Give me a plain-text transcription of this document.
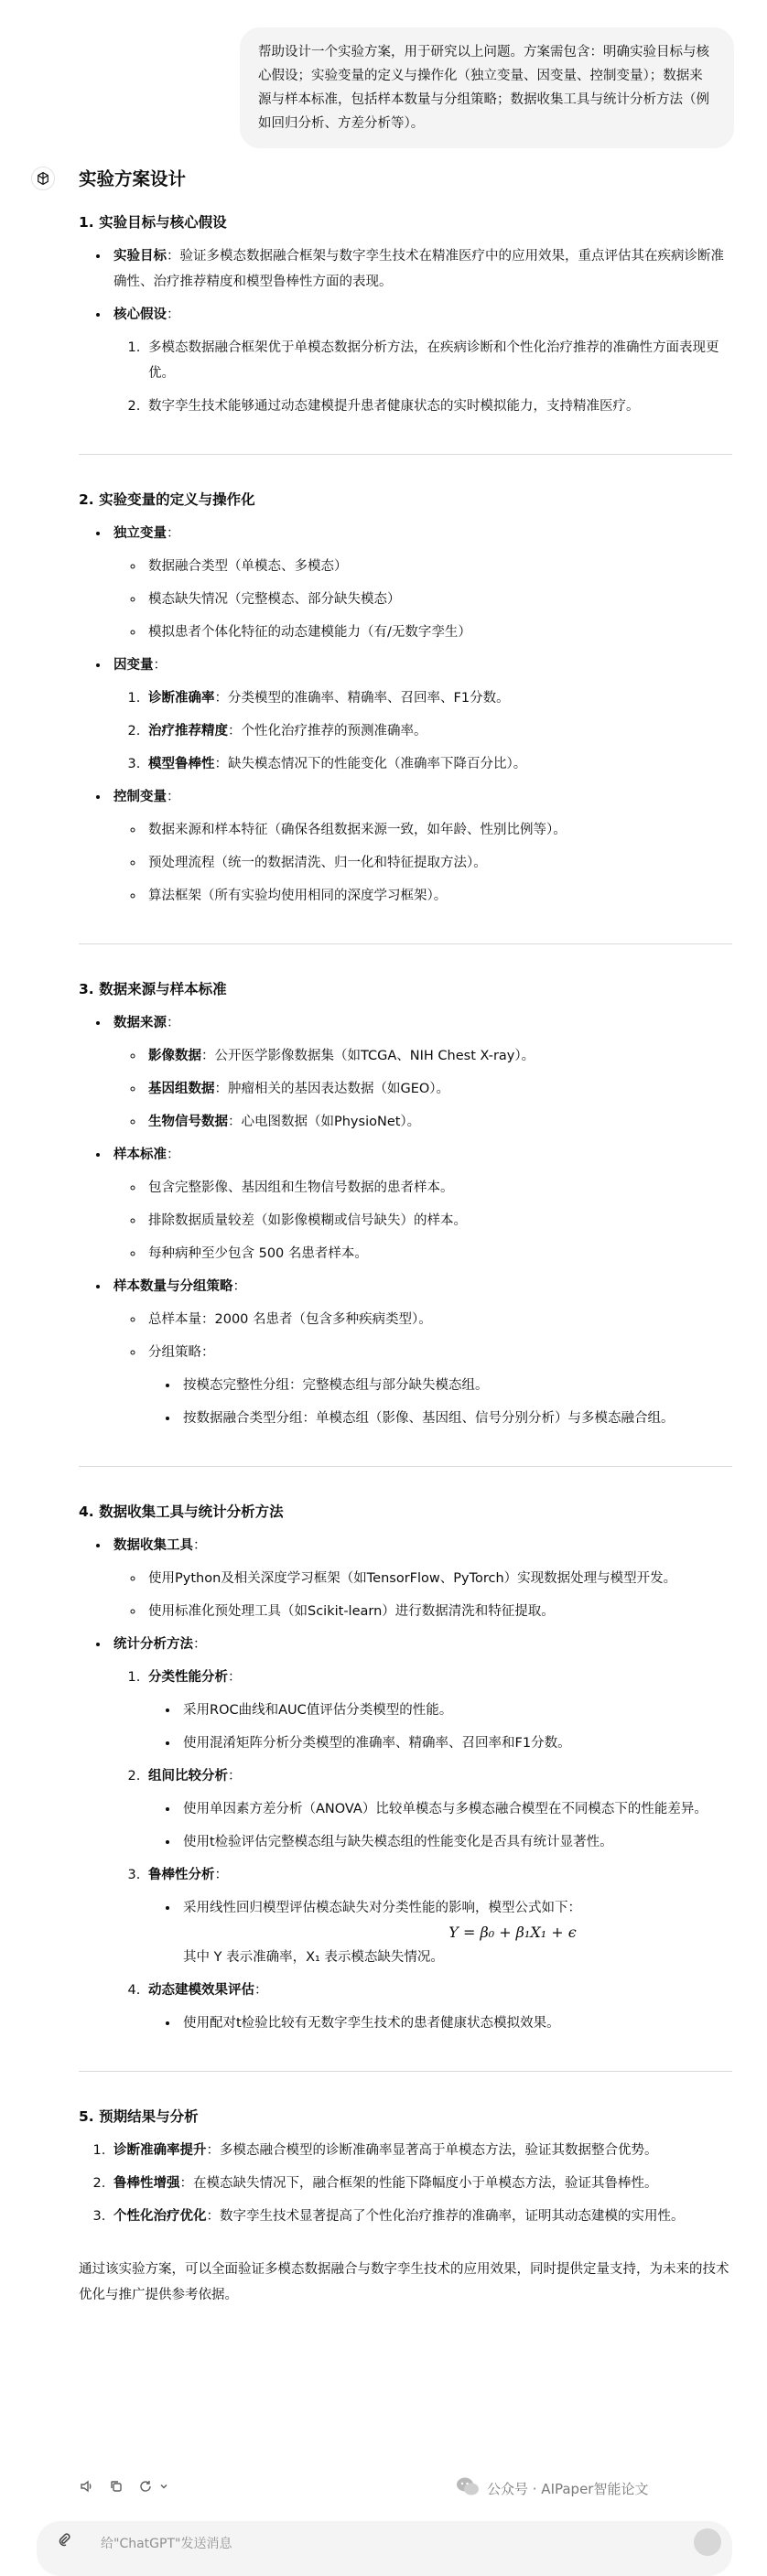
帮助设计一个实验方案，用于研究以上问题。方案需包含：明确实验目标与核心假设；实验变量的定义与操作化（独立变量、因变量、控制变量）；数据来源与样本标准，包括样本数量与分组策略；数据收集工具与统计分析方法（例如回归分析、方差分析等）。
实验方案设计
1. 实验目标与核心假设
• 实验目标：验证多模态数据融合框架与数字孪生技术在精准医疗中的应用效果，重点评估其在疾病诊断准确性、治疗推荐精度和模型鲁棒性方面的表现。
• 核心假设：
1. 多模态数据融合框架优于单模态数据分析方法，在疾病诊断和个性化治疗推荐的准确性方面表现更优。
2. 数字孪生技术能够通过动态建模提升患者健康状态的实时模拟能力，支持精准医疗。
2. 实验变量的定义与操作化
• 独立变量：
◦ 数据融合类型（单模态、多模态）
◦ 模态缺失情况（完整模态、部分缺失模态）
◦ 模拟患者个体化特征的动态建模能力（有/无数字孪生）
• 因变量：
1. 诊断准确率：分类模型的准确率、精确率、召回率、F1分数。
2. 治疗推荐精度：个性化治疗推荐的预测准确率。
3. 模型鲁棒性：缺失模态情况下的性能变化（准确率下降百分比）。
• 控制变量：
◦ 数据来源和样本特征（确保各组数据来源一致，如年龄、性别比例等）。
◦ 预处理流程（统一的数据清洗、归一化和特征提取方法）。
◦ 算法框架（所有实验均使用相同的深度学习框架）。
3. 数据来源与样本标准
• 数据来源：
◦ 影像数据：公开医学影像数据集（如TCGA、NIH Chest X-ray）。
◦ 基因组数据：肿瘤相关的基因表达数据（如GEO）。
◦ 生物信号数据：心电图数据（如PhysioNet）。
• 样本标准：
◦ 包含完整影像、基因组和生物信号数据的患者样本。
◦ 排除数据质量较差（如影像模糊或信号缺失）的样本。
◦ 每种病种至少包含 500 名患者样本。
• 样本数量与分组策略：
◦ 总样本量：2000 名患者（包含多种疾病类型）。
◦ 分组策略：
• 按模态完整性分组：完整模态组与部分缺失模态组。
• 按数据融合类型分组：单模态组（影像、基因组、信号分别分析）与多模态融合组。
4. 数据收集工具与统计分析方法
• 数据收集工具：
◦ 使用Python及相关深度学习框架（如TensorFlow、PyTorch）实现数据处理与模型开发。
◦ 使用标准化预处理工具（如Scikit-learn）进行数据清洗和特征提取。
• 统计分析方法：
1. 分类性能分析：
• 采用ROC曲线和AUC值评估分类模型的性能。
• 使用混淆矩阵分析分类模型的准确率、精确率、召回率和F1分数。
2. 组间比较分析：
• 使用单因素方差分析（ANOVA）比较单模态与多模态融合模型在不同模态下的性能差异。
• 使用t检验评估完整模态组与缺失模态组的性能变化是否具有统计显著性。
3. 鲁棒性分析：
• 采用线性回归模型评估模态缺失对分类性能的影响，模型公式如下：
Y = β₀ + β₁X₁ + ϵ
其中 Y 表示准确率，X₁ 表示模态缺失情况。
4. 动态建模效果评估：
• 使用配对t检验比较有无数字孪生技术的患者健康状态模拟效果。
5. 预期结果与分析
1. 诊断准确率提升：多模态融合模型的诊断准确率显著高于单模态方法，验证其数据整合优势。
2. 鲁棒性增强：在模态缺失情况下，融合框架的性能下降幅度小于单模态方法，验证其鲁棒性。
3. 个性化治疗优化：数字孪生技术显著提高了个性化治疗推荐的准确率，证明其动态建模的实用性。

通过该实验方案，可以全面验证多模态数据融合与数字孪生技术的应用效果，同时提供定量支持，为未来的技术优化与推广提供参考依据。

公众号 · AIPaper智能论文
给"ChatGPT"发送消息
